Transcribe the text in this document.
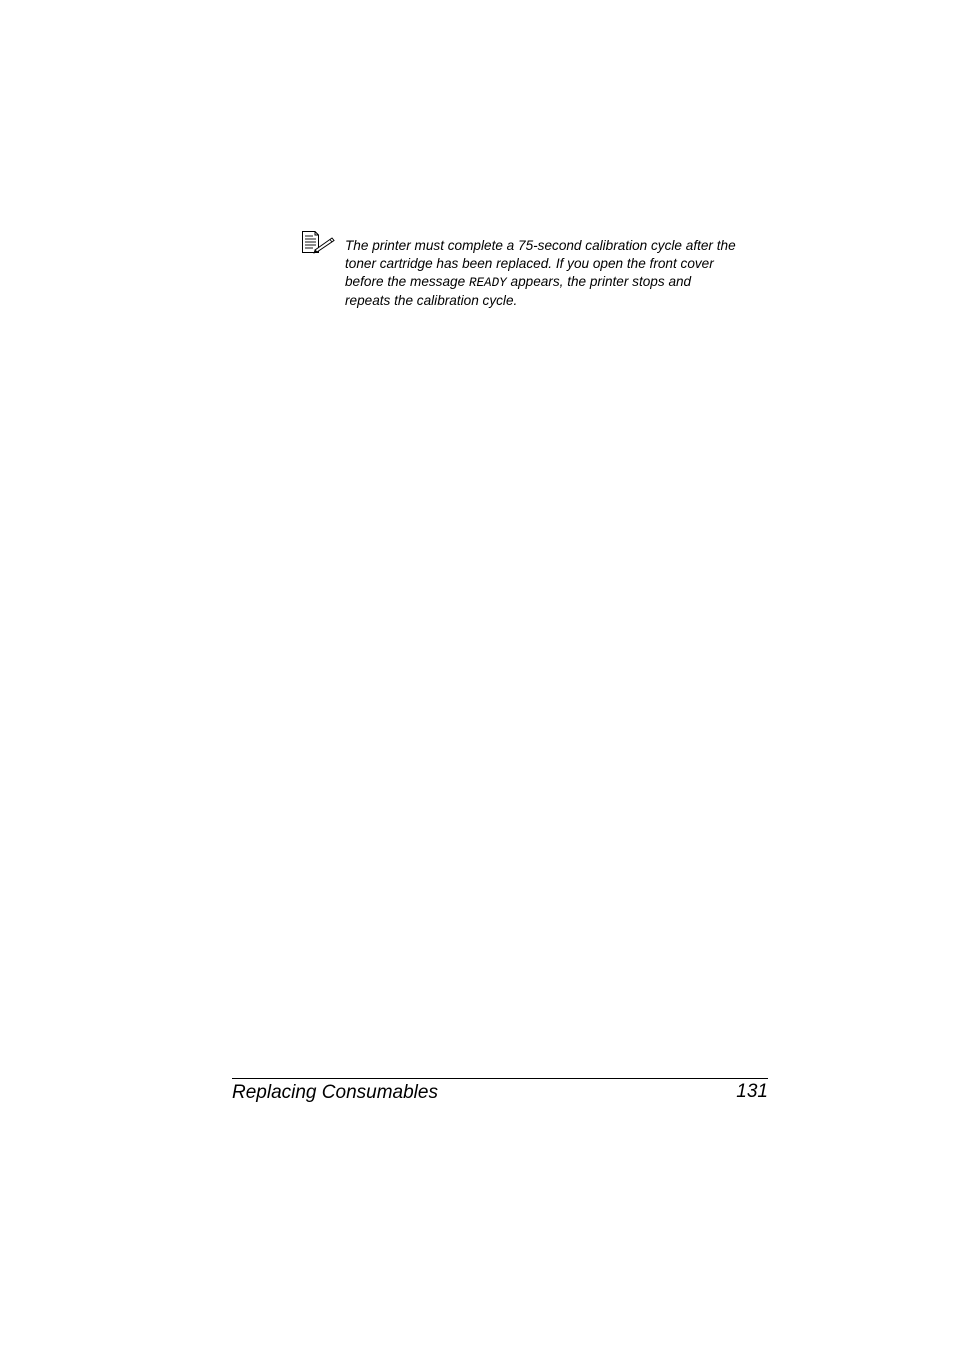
The printer must complete a 75-second calibration cycle after the
toner cartridge has been replaced. If you open the front cover
before the message READY appears, the printer stops and
repeats the calibration cycle.
Replacing Consumables	131
